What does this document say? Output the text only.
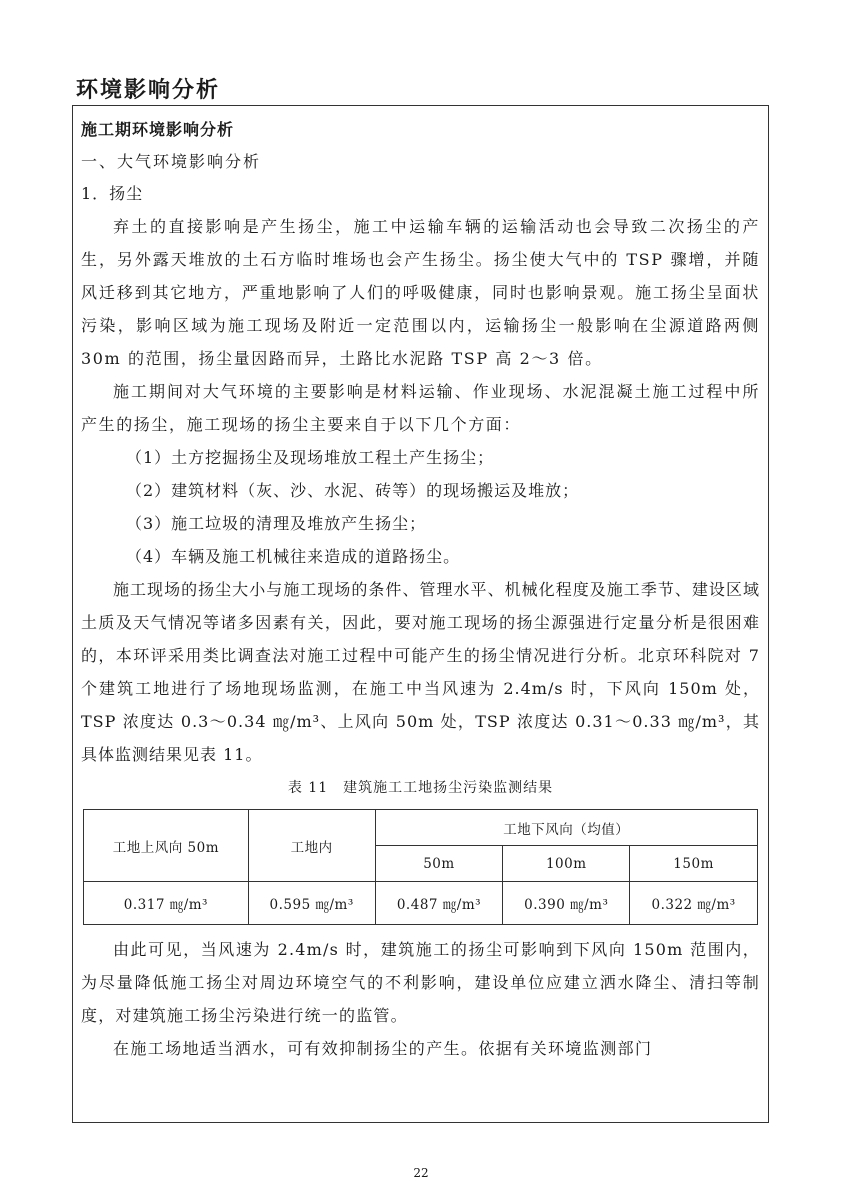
环境影响分析
施工期环境影响分析
一、大气环境影响分析
1．扬尘

弃土的直接影响是产生扬尘，施工中运输车辆的运输活动也会导致二次扬尘的产生，另外露天堆放的土石方临时堆场也会产生扬尘。扬尘使大气中的 TSP 骤增，并随风迁移到其它地方，严重地影响了人们的呼吸健康，同时也影响景观。施工扬尘呈面状污染，影响区域为施工现场及附近一定范围以内，运输扬尘一般影响在尘源道路两侧 30m 的范围，扬尘量因路而异，土路比水泥路 TSP 高 2～3 倍。

施工期间对大气环境的主要影响是材料运输、作业现场、水泥混凝土施工过程中所产生的扬尘，施工现场的扬尘主要来自于以下几个方面：

（1）土方挖掘扬尘及现场堆放工程土产生扬尘；
（2）建筑材料（灰、沙、水泥、砖等）的现场搬运及堆放；
（3）施工垃圾的清理及堆放产生扬尘；
（4）车辆及施工机械往来造成的道路扬尘。

施工现场的扬尘大小与施工现场的条件、管理水平、机械化程度及施工季节、建设区域土质及天气情况等诸多因素有关，因此，要对施工现场的扬尘源强进行定量分析是很困难的，本环评采用类比调查法对施工过程中可能产生的扬尘情况进行分析。北京环科院对 7 个建筑工地进行了场地现场监测，在施工中当风速为 2.4m/s 时，下风向 150m 处，TSP 浓度达 0.3～0.34 ㎎/m³、上风向 50m 处，TSP 浓度达 0.31～0.33 ㎎/m³，其具体监测结果见表 11。

表 11　建筑施工工地扬尘污染监测结果
工地上风向 50m	工地内	工地下风向（均值）		
		50m	100m	150m
0.317 ㎎/m³	0.595 ㎎/m³	0.487 ㎎/m³	0.390 ㎎/m³	0.322 ㎎/m³

由此可见，当风速为 2.4m/s 时，建筑施工的扬尘可影响到下风向 150m 范围内，为尽量降低施工扬尘对周边环境空气的不利影响，建设单位应建立洒水降尘、清扫等制度，对建筑施工扬尘污染进行统一的监管。

在施工场地适当洒水，可有效抑制扬尘的产生。依据有关环境监测部门

22
